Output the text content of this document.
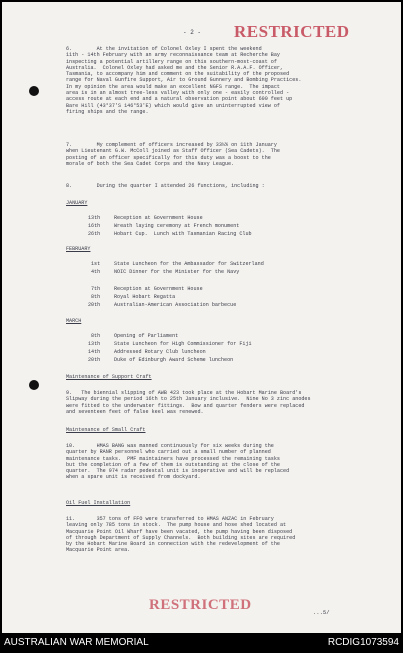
- 2 - RESTRICTED
6.        At the invitation of Colonel Oxley I spent the weekend
11th - 14th February with an army reconnaissance team at Recherche Bay
inspecting a potential artillery range on this southern-most-coast of
Australia.  Colonel Oxley had asked me and the Senior R.A.A.F. Officer,
Tasmania, to accompany him and comment on the suitability of the proposed
range for Naval Gunfire Support, Air to Ground Gunnery and Bombing Practices.
In my opinion the area would make an excellent NGFS range.  The impact
area is in an almost tree-less valley with only one - easily controlled -
access route at each end and a natural observation point about 600 feet up
Bare Hill (43°37'S 146°53'E) which would give an uninterrupted view of
firing ships and the range.
7.        My complement of officers increased by 33⅓% on 11th January
when Lieutenant G.W. McColl joined as Staff Officer (Sea Cadets).  The
posting of an officer specifically for this duty was a boost to the
morale of both the Sea Cadet Corps and the Navy League.
8.        During the quarter I attended 26 functions, including :
JANUARY
13th	Reception at Government House
16th	Wreath laying ceremony at French monument
26th	Hobart Cup.  Lunch with Tasmanian Racing Club
FEBRUARY
1st	State Luncheon for the Ambassador for Switzerland
4th	NOIC Dinner for the Minister for the Navy
7th	Reception at Government House
8th	Royal Hobart Regatta
20th	Australian-American Association barbecue
MARCH
8th	Opening of Parliament
13th	State Luncheon for High Commissioner for Fiji
14th	Addressed Rotary Club luncheon
20th	Duke of Edinburgh Award Scheme luncheon
Maintenance of Support Craft
9.   The biennial slipping of AWB 423 took place at the Hobart Marine Board's
Slipway during the period 16th to 25th January inclusive.  Nine No 3 zinc anodes
were fitted to the underwater fittings.  Bow and quarter fenders were replaced
and seventeen feet of false keel was renewed.
Maintenance of Small Craft
10.       HMAS BANG was manned continuously for six weeks during the
quarter by RANR personnel who carried out a small number of planned
maintenance tasks.  PMF maintainers have processed the remaining tasks
but the completion of a few of them is outstanding at the close of the
quarter.  The 974 radar pedestal unit is inoperative and will be replaced
when a spare unit is received from dockyard.
Oil Fuel Installation
11.       357 tons of FFO were transferred to HMAS ANZAC in February
leaving only 785 tons in stock.  The pump house and hose shed located at
Macquarie Point Oil Wharf have been vacated, the pump having been disposed
of through Department of Supply Channels.  Both building sites are required
by the Hobart Marine Board in connection with the redevelopment of the
Macquarie Point area.
RESTRICTED	...5/
AUSTRALIAN WAR MEMORIAL	RCDIG1073594
